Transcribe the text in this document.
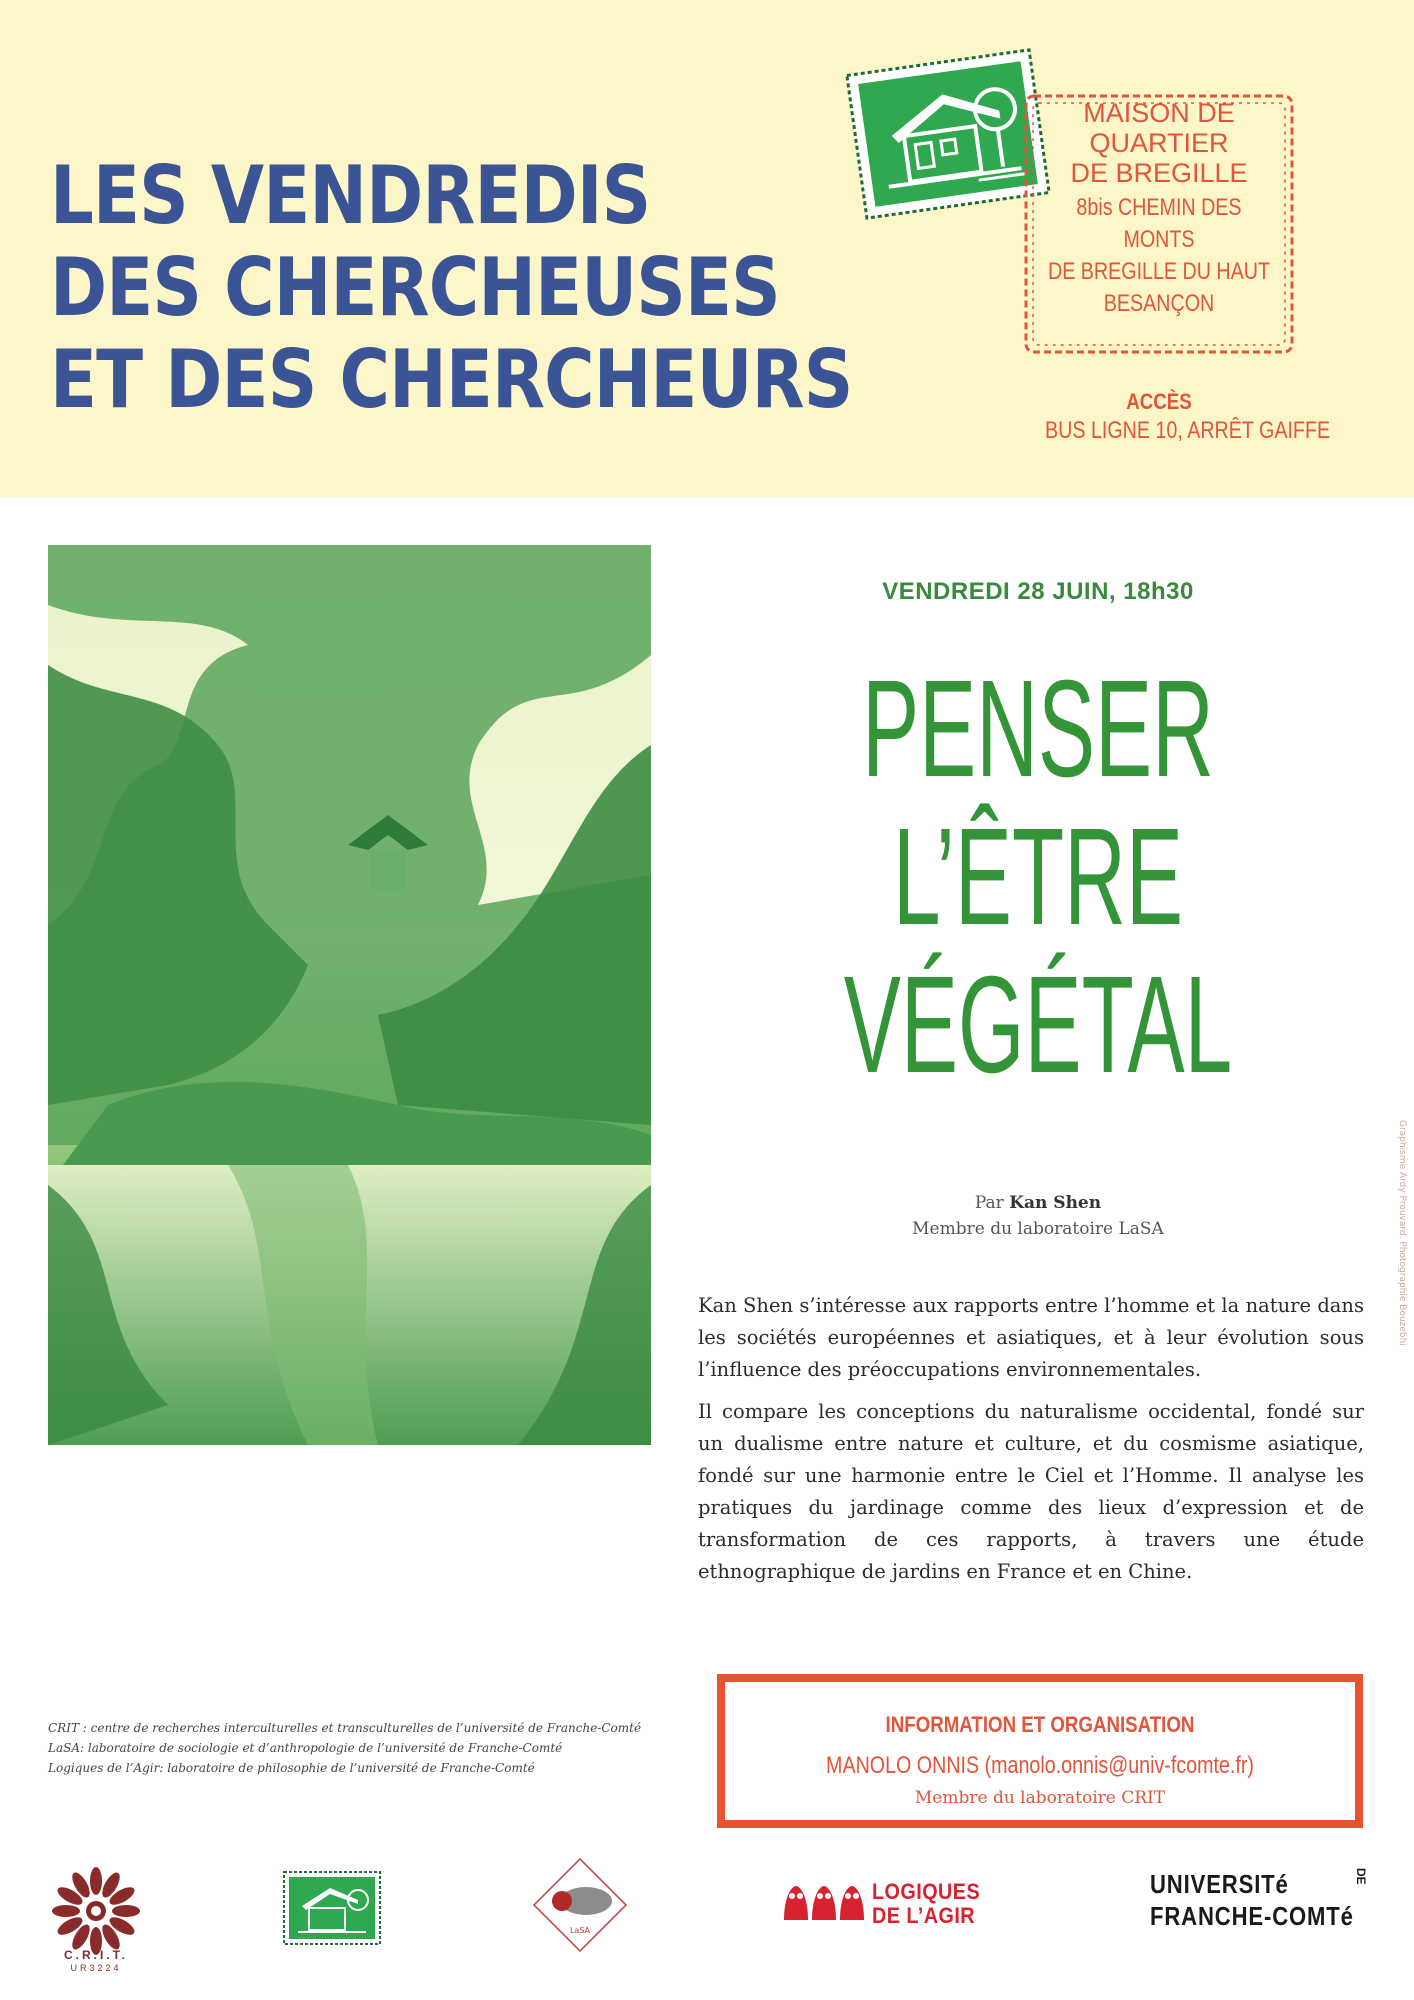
LES VENDREDIS
DES CHERCHEUSES
ET DES CHERCHEURS

MAISON DE
QUARTIER
DE BREGILLE

8bis CHEMIN DES MONTS
DE BREGILLE DU HAUT
BESANÇON

ACCÈS

BUS LIGNE 10, ARRÊT GAIFFE

VENDREDI 28 JUIN, 18h30

PENSER
L’ÊTRE
VÉGÉTAL
Par Kan Shen
Membre du laboratoire LaSA

Kan Shen s’intéresse aux rapports entre l’homme et la nature dans les sociétés européennes et asiatiques, et à leur évolution sous l’influence des préoccupations environnementales.

Il compare les conceptions du naturalisme occidental, fondé sur un dualisme entre nature et culture, et du cosmisme asiatique, fondé sur une harmonie entre le Ciel et l’Homme. Il analyse les pratiques du jardinage comme des lieux d’expression et de transformation de ces rapports, à travers une étude ethnographique de jardins en France et en Chine.

Graphisme Ardy Prouvard. Photographie Bouzebhi

INFORMATION ET ORGANISATION

MANOLO ONNIS (manolo.onnis@univ-fcomte.fr)

Membre du laboratoire CRIT

CRIT : centre de recherches interculturelles et transculturelles de l’université de Franche-Comté
LaSA: laboratoire de sociologie et d’anthropologie de l’université de Franche-Comté
Logiques de l’Agir: laboratoire de philosophie de l’université de Franche-Comté
C.R.I.T.
UR3224
LaSA
LOGIQUES
DE L’AGIR
UNIVERSITé
FRANCHE-COMTé
DE
